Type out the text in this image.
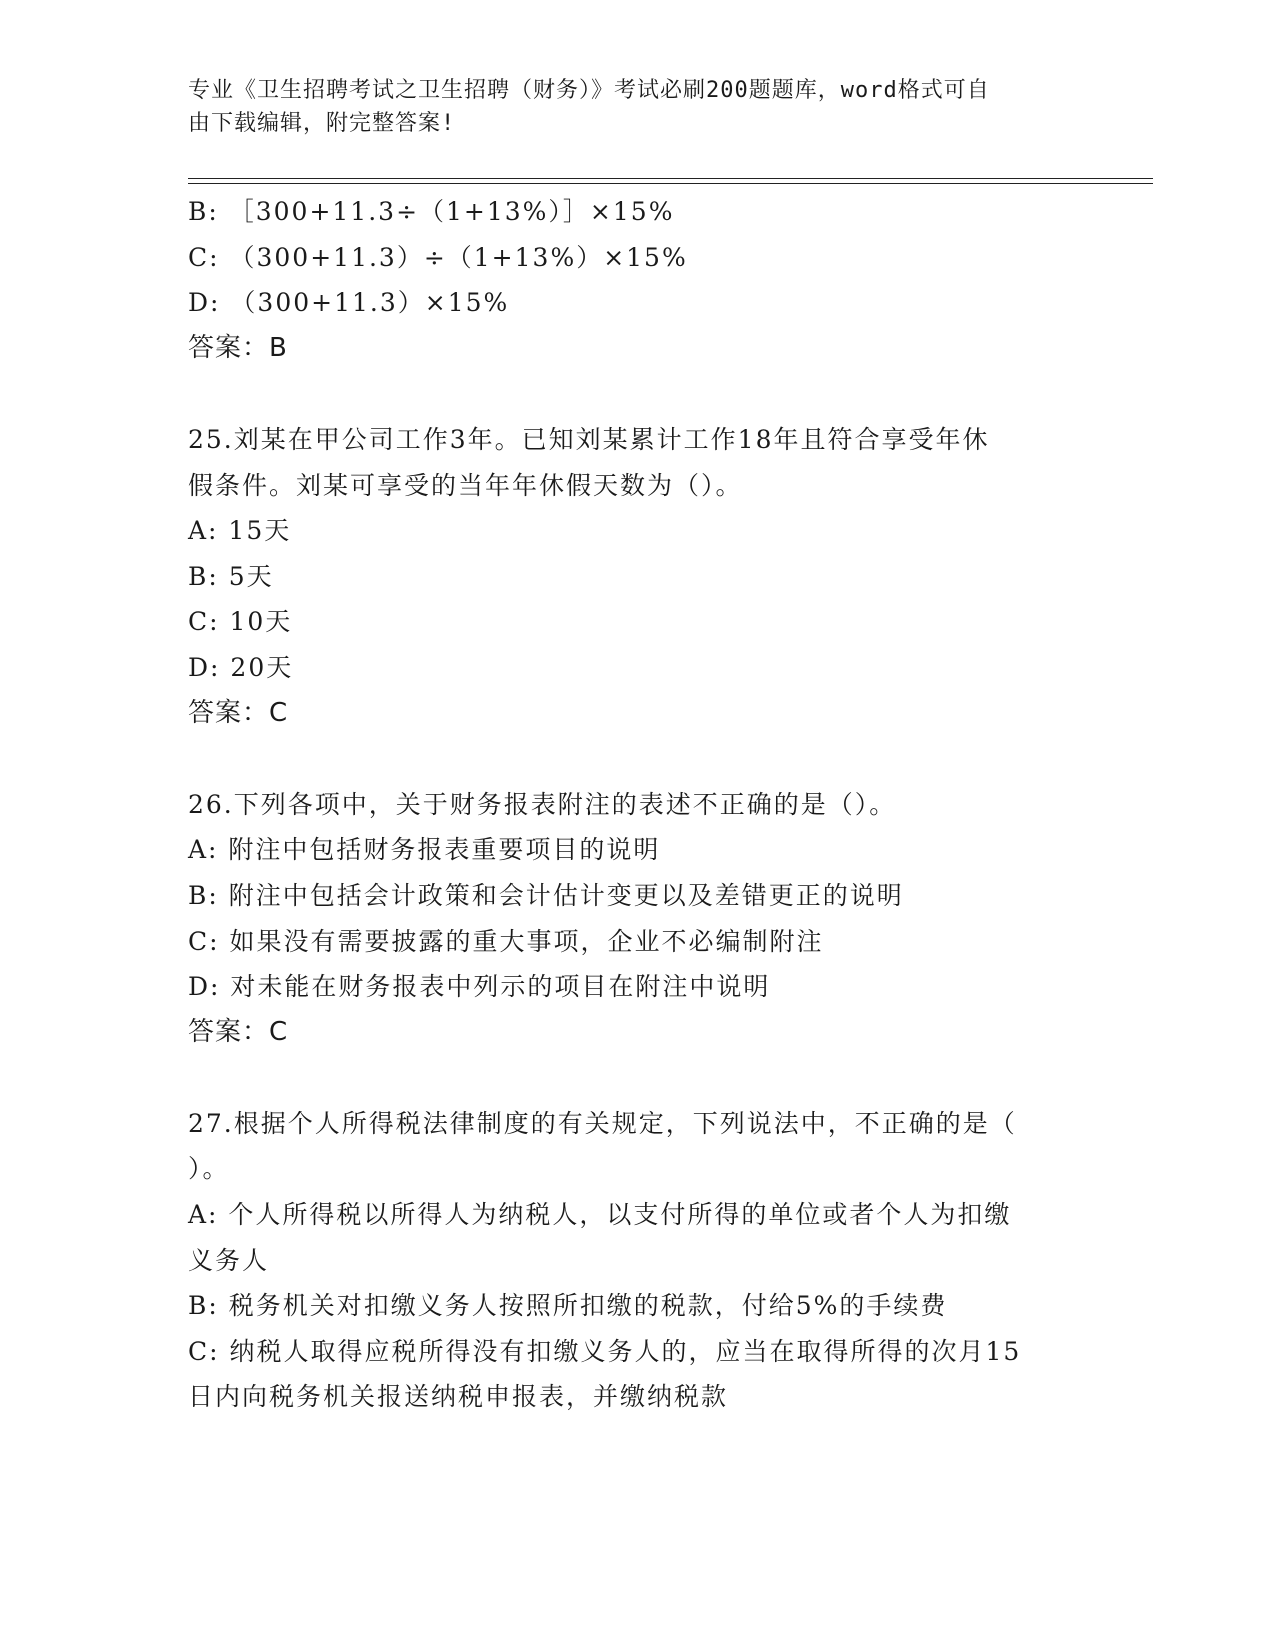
专业《卫生招聘考试之卫生招聘（财务）》考试必刷200题题库，word格式可自
由下载编辑，附完整答案!
B: ［300+11.3÷（1+13%）］×15%
C: （300+11.3）÷（1+13%）×15%
D: （300+11.3）×15%
答案：B
25.刘某在甲公司工作3年。已知刘某累计工作18年且符合享受年休
假条件。刘某可享受的当年年休假天数为（）。
A: 15天
B: 5天
C: 10天
D: 20天
答案：C
26.下列各项中，关于财务报表附注的表述不正确的是（）。
A: 附注中包括财务报表重要项目的说明
B: 附注中包括会计政策和会计估计变更以及差错更正的说明
C: 如果没有需要披露的重大事项，企业不必编制附注
D: 对未能在财务报表中列示的项目在附注中说明
答案：C
27.根据个人所得税法律制度的有关规定，下列说法中，不正确的是（
）。
A: 个人所得税以所得人为纳税人，以支付所得的单位或者个人为扣缴
义务人
B: 税务机关对扣缴义务人按照所扣缴的税款，付给5%的手续费
C: 纳税人取得应税所得没有扣缴义务人的，应当在取得所得的次月15
日内向税务机关报送纳税申报表，并缴纳税款
